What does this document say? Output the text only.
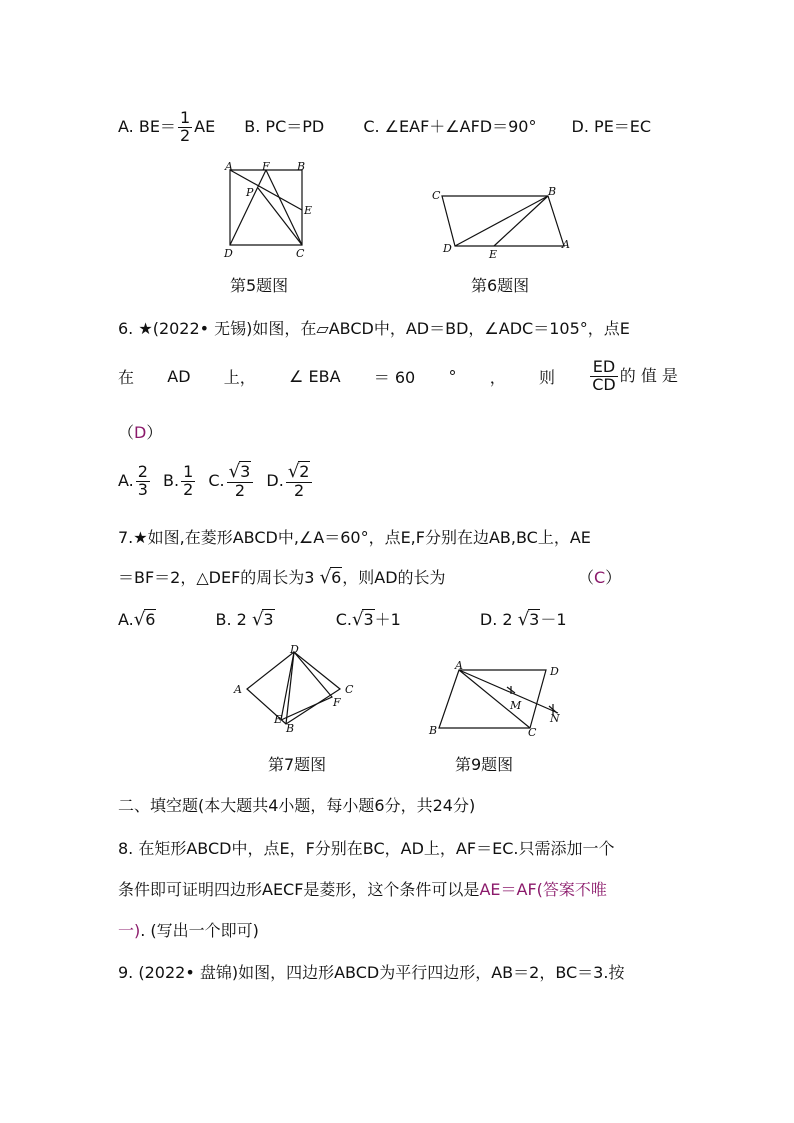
A. $BE= \frac{1}{2}$ AE B. PC＝PD C. ∠EAF＋∠AFD＝90° D. PE＝EC
A	F B
P
E
D	C
第5题图
C	B
D	E
A
第6题图
6. ★(2022• 无锡)如图，在▱ABCD中，AD＝BD，∠ADC＝105°，点E
在 AD 上， ∠ EBA ＝ 60 ° ， 则 $\frac{ED}{CD}$ 的 值 是
（D）
A. $\frac{2}{3} B$. $\frac{1}{2} C$. $\frac{√3}{2} D$. $\frac{√2}{2}$
7.★如图,在菱形ABCD中,∠A＝60°，点E,F分别在边AB,BC上，AE
＝BF＝2，△DEF的周长为3 √6，则AD的长为	（C）
A.√6	B. 2 √3	C.√3＋1	D. 2 √3－1
D
A	C
F
E
B
第7题图
A	D
M
N
B	C
第9题图
二、填空题(本大题共4小题，每小题6分，共24分)
8. 在矩形ABCD中，点E，F分别在BC，AD上，AF＝EC.只需添加一个
条件即可证明四边形AECF是菱形，这个条件可以是AE＝AF(答案不唯
一). (写出一个即可)
9. (2022• 盘锦)如图，四边形ABCD为平行四边形，AB＝2，BC＝3.按
